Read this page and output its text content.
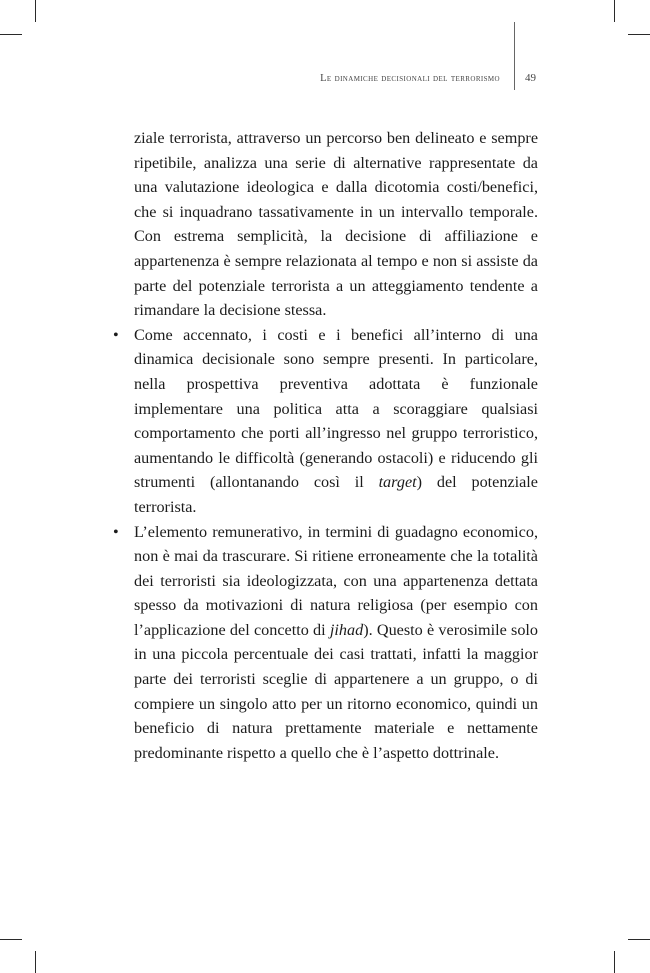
Le dinamiche decisionali del terrorismo 49

ziale terrorista, attraverso un percorso ben delineato e sempre ripetibile, analizza una serie di alternative rappresentate da una valutazione ideologica e dalla dicotomia costi/benefici, che si inquadrano tassativamente in un intervallo temporale. Con estrema semplicità, la decisione di affiliazione e appartenenza è sempre relazionata al tempo e non si assiste da parte del potenziale terrorista a un atteggiamento tendente a rimandare la decisione stessa.

• Come accennato, i costi e i benefici all’interno di una dinamica decisionale sono sempre presenti. In particolare, nella prospettiva preventiva adottata è funzionale implementare una politica atta a scoraggiare qualsiasi comportamento che porti all’ingresso nel gruppo terroristico, aumentando le difficoltà (generando ostacoli) e riducendo gli strumenti (allontanando così il target) del potenziale terrorista.

• L’elemento remunerativo, in termini di guadagno economico, non è mai da trascurare. Si ritiene erroneamente che la totalità dei terroristi sia ideologizzata, con una appartenenza dettata spesso da motivazioni di natura religiosa (per esempio con l’applicazione del concetto di jihad). Questo è verosimile solo in una piccola percentuale dei casi trattati, infatti la maggior parte dei terroristi sceglie di appartenere a un gruppo, o di compiere un singolo atto per un ritorno economico, quindi un beneficio di natura prettamente materiale e nettamente predominante rispetto a quello che è l’aspetto dottrinale.
